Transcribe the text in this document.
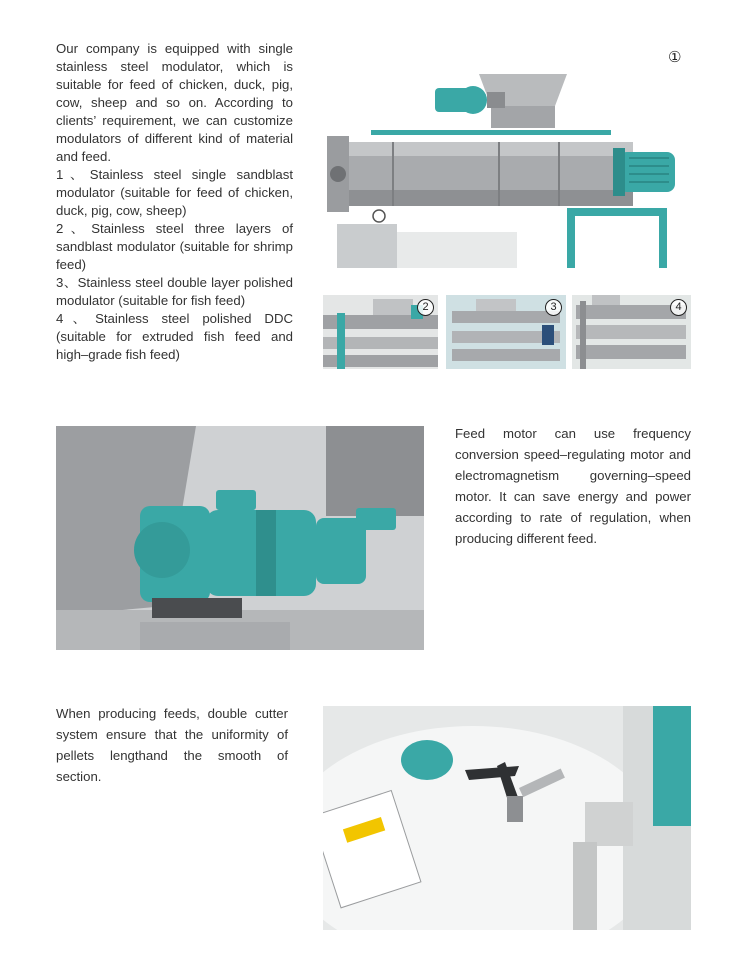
Our company is equipped with single stainless steel modulator, which is suitable for feed of chicken, duck, pig, cow, sheep and so on. According to clients’ requirement, we can customize modulators of different kind of material and feed.

1、Stainless steel single sandblast modulator (suitable for feed of chicken, duck, pig, cow, sheep)

2、Stainless steel three layers of sandblast modulator (suitable for shrimp feed)

3、Stainless steel double layer polished modulator (suitable for fish feed)

4、Stainless steel polished DDC (suitable for extruded fish feed and high–grade fish feed)

①
2	3	4

Feed motor can use frequency conversion speed–regulating motor and electromagnetism governing–speed motor. It can save energy and power according to rate of regulation, when producing different feed.

When producing feeds, double cutter system ensure that the uniformity of pellets lengthand the smooth of section.
